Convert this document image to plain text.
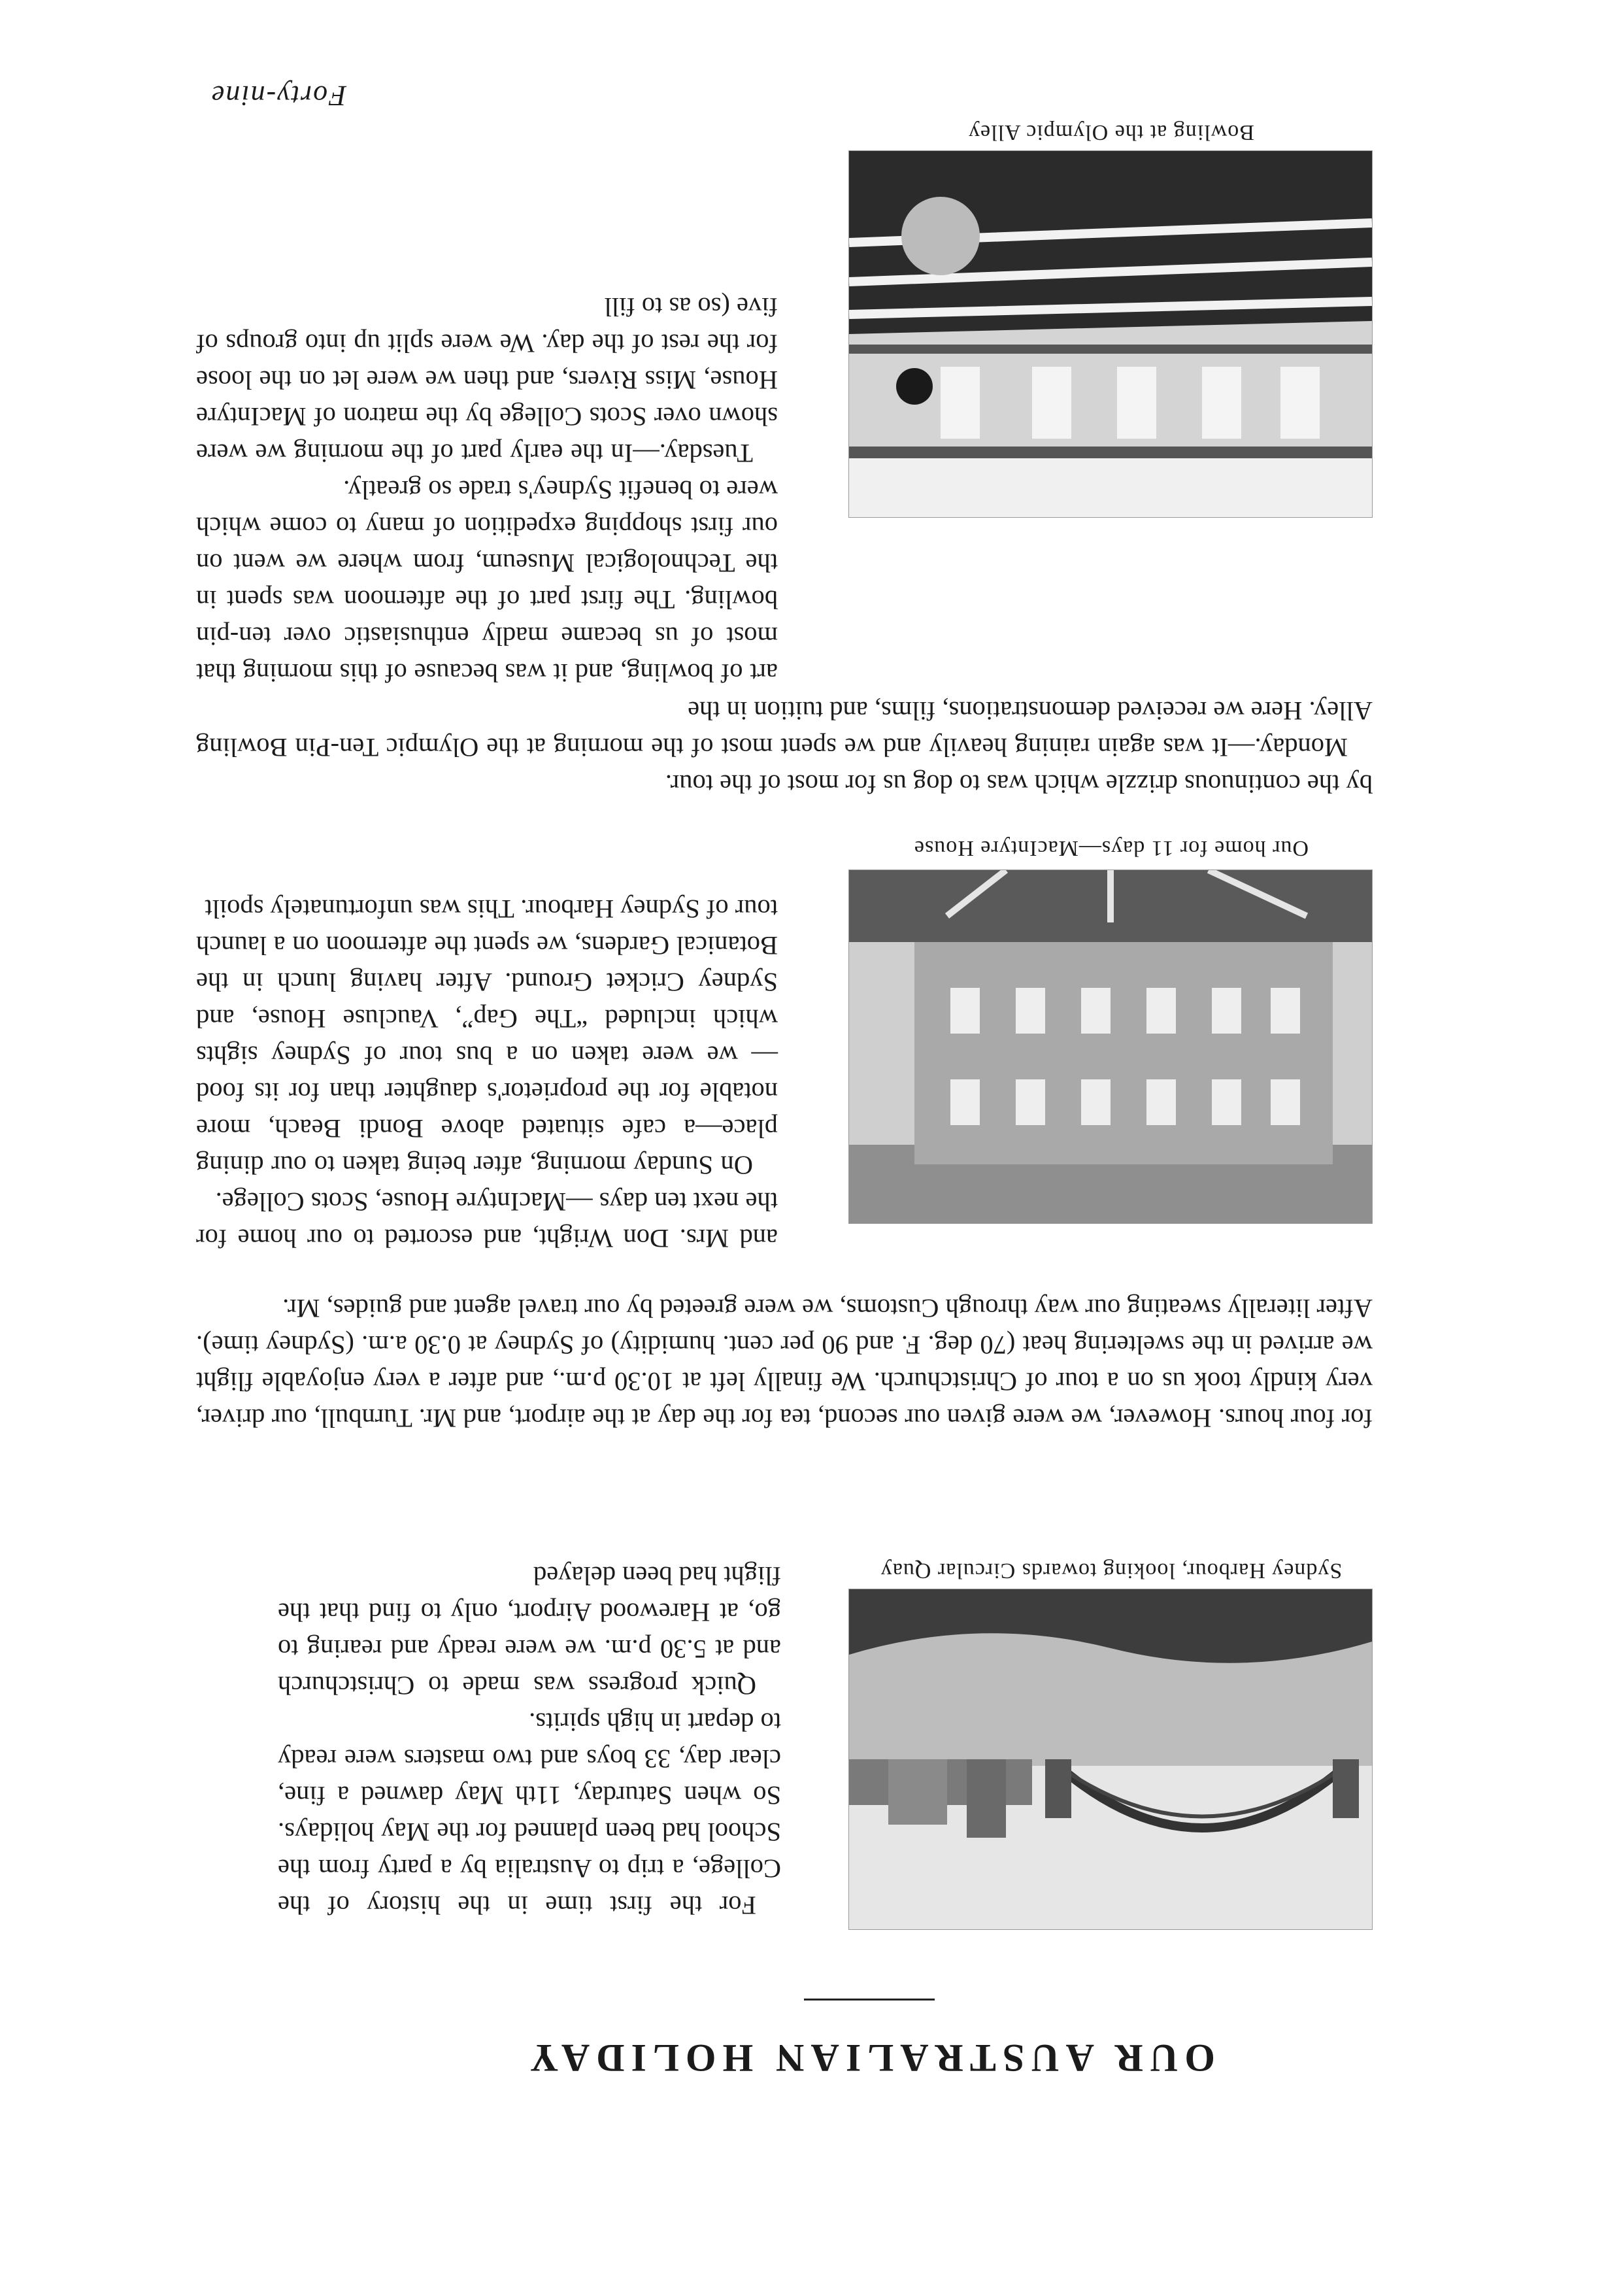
OUR AUSTRALIAN HOLIDAY

Sydney Harbour, looking towards Circular Quay

Our home for 11 days—MacIntyre House

Bowling at the Olympic Alley

For the first time in the history of the College, a trip to Australia by a party from the School had been planned for the May holidays. So when Saturday, 11th May dawned a fine, clear day, 33 boys and two masters were ready to depart in high spirits.

Quick progress was made to Christchurch and at 5.30 p.m. we were ready and rearing to go, at Harewood Airport, only to find that the flight had been delayed

for four hours. However, we were given our second, tea for the day at the airport, and Mr. Turnbull, our driver, very kindly took us on a tour of Christchurch. We finally left at 10.30 p.m., and after a very enjoyable flight we arrived in the sweltering heat (70 deg. F. and 90 per cent. humidity) of Sydney at 0.30 a.m. (Sydney time). After literally sweating our way through Customs, we were greeted by our travel agent and guides, Mr.

and Mrs. Don Wright, and escorted to our home for the next ten days —MacIntyre House, Scots College.

On Sunday morning, after being taken to our dining place—a cafe situated above Bondi Beach, more notable for the proprietor's daughter than for its food — we were taken on a bus tour of Sydney sights which included “The Gap”, Vaucluse House, and Sydney Cricket Ground. After having lunch in the Botanical Gardens, we spent the afternoon on a launch tour of Sydney Harbour. This was unfortunately spoilt

by the continuous drizzle which was to dog us for most of the tour.

Monday.—It was again raining heavily and we spent most of the morning at the Olympic Ten-Pin Bowling Alley. Here we received demonstrations, films, and tuition in the

art of bowling, and it was because of this morning that most of us became madly enthusiastic over ten-pin bowling. The first part of the afternoon was spent in the Technological Museum, from where we went on our first shopping expedition of many to come which were to benefit Sydney's trade so greatly.

Tuesday.—In the early part of the morning we were shown over Scots College by the matron of MacIntyre House, Miss Rivers, and then we were let on the loose for the rest of the day. We were split up into groups of five (so as to fill

Forty-nine
